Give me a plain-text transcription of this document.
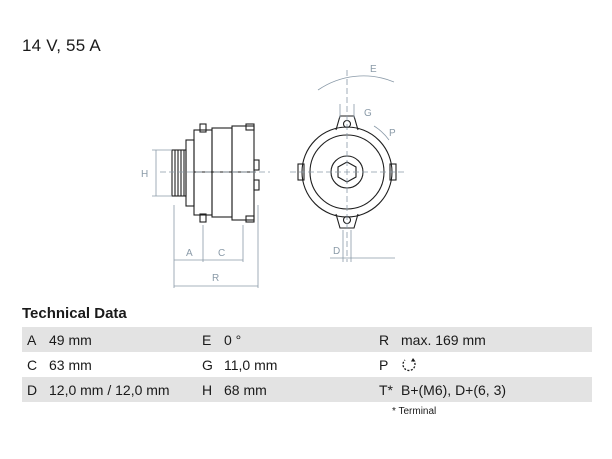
14 V, 55 A
H
A	C
R
E
G
P
D
Technical Data
A	49 mm	E	0 °	R	max. 169 mm
C	63 mm	G	11,0 mm	P	
D	12,0 mm / 12,0 mm	H	68 mm	T*	B+(M6), D+(6, 3)
* Terminal
